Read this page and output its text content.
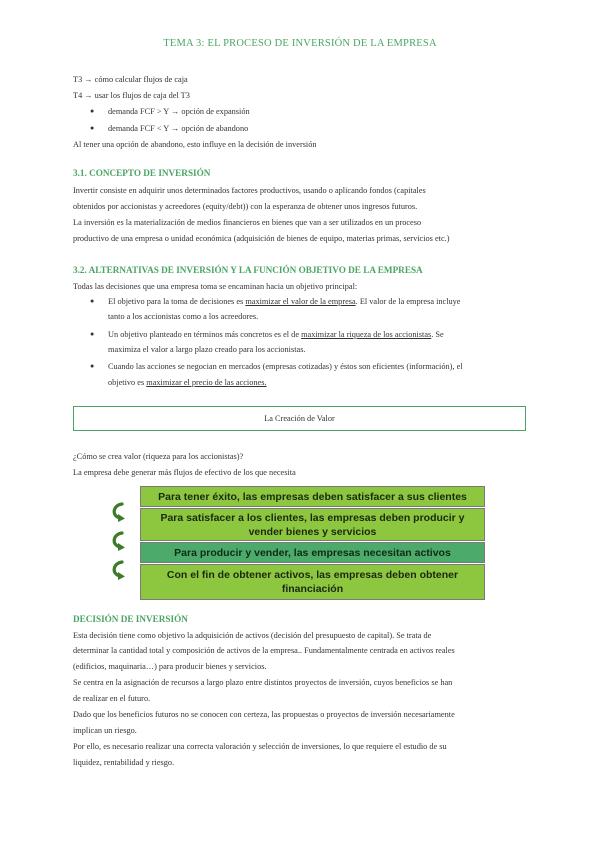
TEMA 3: EL PROCESO DE INVERSIÓN DE LA EMPRESA
T3 → cómo calcular flujos de caja
T4 → usar los flujos de caja del T3
● demanda FCF > Y → opción de expansión
● demanda FCF < Y → opción de abandono
Al tener una opción de abandono, esto influye en la decisión de inversión
3.1. CONCEPTO DE INVERSIÓN
Invertir consiste en adquirir unos determinados factores productivos, usando o aplicando fondos (capitales
obtenidos por accionistas y acreedores (equity/debt)) con la esperanza de obtener unos ingresos futuros.
La inversión es la materialización de medios financieros en bienes que van a ser utilizados en un proceso
productivo de una empresa o unidad económica (adquisición de bienes de equipo, materias primas, servicios etc.)
3.2. ALTERNATIVAS DE INVERSIÓN Y LA FUNCIÓN OBJETIVO DE LA EMPRESA
Todas las decisiones que una empresa toma se encaminan hacia un objetivo principal:
● El objetivo para la toma de decisiones es maximizar el valor de la empresa. El valor de la empresa incluye
tanto a los accionistas como a los acreedores.
● Un objetivo planteado en términos más concretos es el de maximizar la riqueza de los accionistas. Se
maximiza el valor a largo plazo creado para los accionistas.
● Cuando las acciones se negocian en mercados (empresas cotizadas) y éstos son eficientes (información), el
objetivo es maximizar el precio de las acciones.
La Creación de Valor
¿Cómo se crea valor (riqueza para los accionistas)?
La empresa debe generar más flujos de efectivo de los que necesita
Para tener éxito, las empresas deben satisfacer a sus clientes
Para satisfacer a los clientes, las empresas deben producir y vender bienes y servicios
Para producir y vender, las empresas necesitan activos
Con el fin de obtener activos, las empresas deben obtener financiación
DECISIÓN DE INVERSIÓN
Esta decisión tiene como objetivo la adquisición de activos (decisión del presupuesto de capital). Se trata de
determinar la cantidad total y composición de activos de la empresa.. Fundamentalmente centrada en activos reales
(edificios, maquinaria…) para producir bienes y servicios.
Se centra en la asignación de recursos a largo plazo entre distintos proyectos de inversión, cuyos beneficios se han
de realizar en el futuro.
Dado que los beneficios futuros no se conocen con certeza, las propuestas o proyectos de inversión necesariamente
implican un riesgo.
Por ello, es necesario realizar una correcta valoración y selección de inversiones, lo que requiere el estudio de su
liquidez, rentabilidad y riesgo.
